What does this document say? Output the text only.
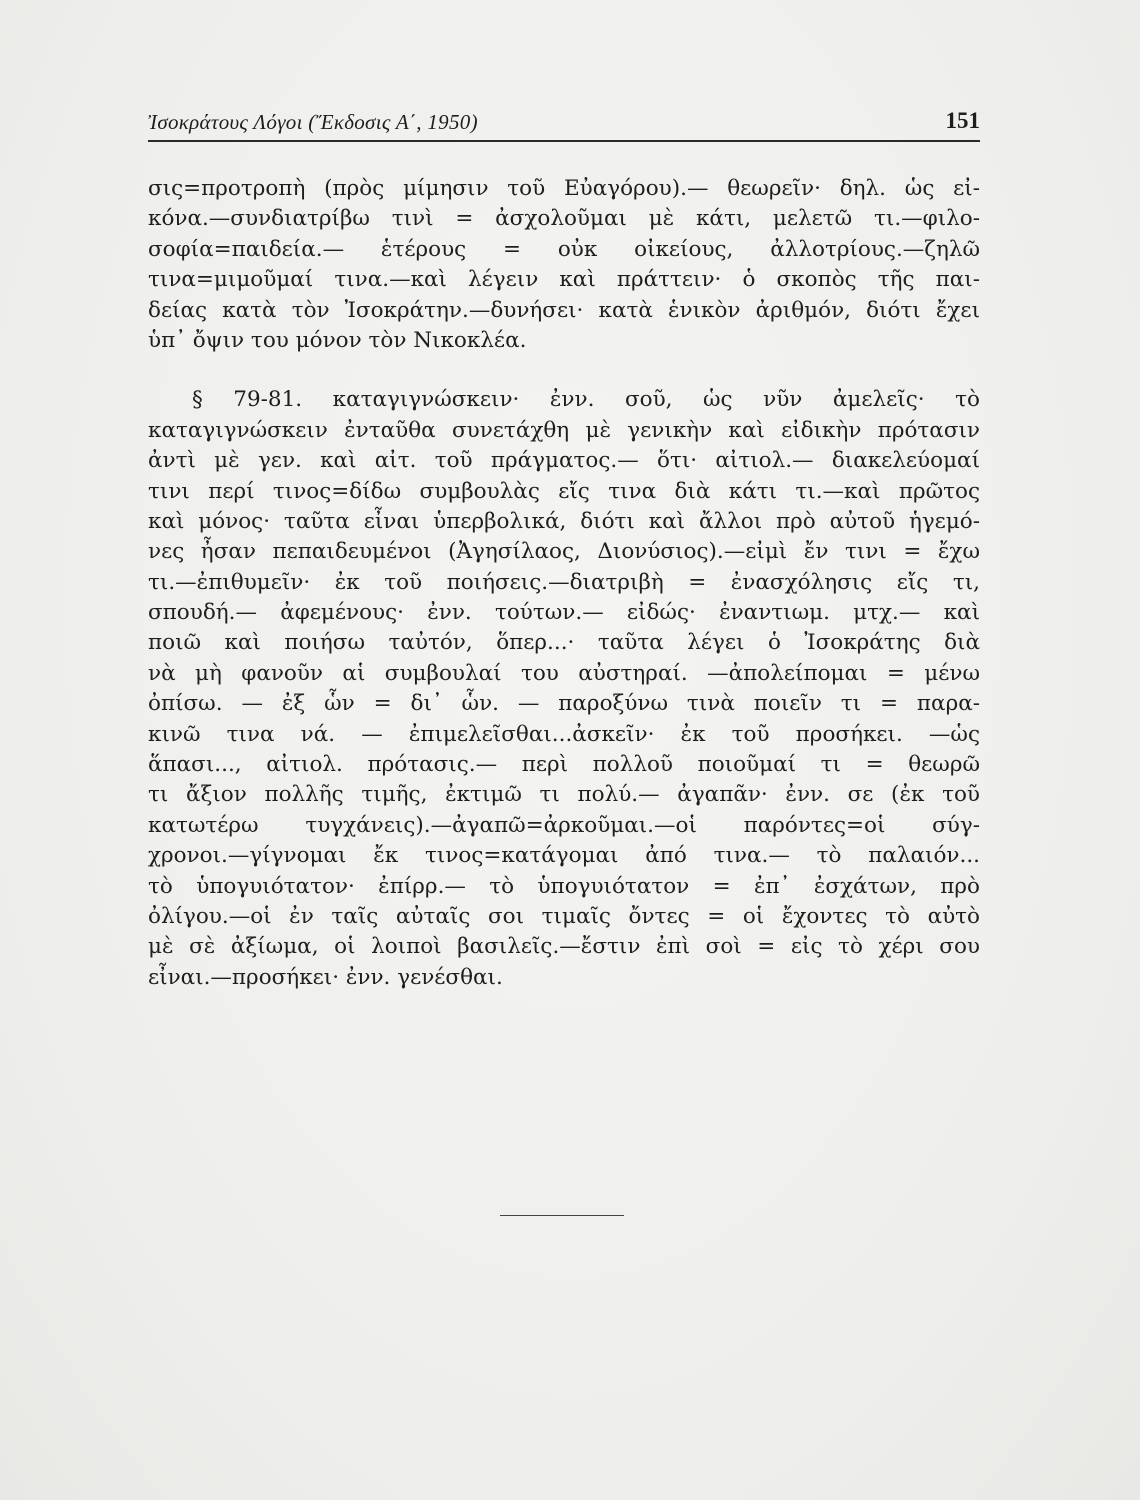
Ἰσοκράτους Λόγοι (Ἔκδοσις Α΄, 1950)	151
σις=προτροπὴ (πρὸς μίμησιν τοῦ Εὐαγόρου).— θεωρεῖν· δηλ. ὡς εἰ-
κόνα.—συνδιατρίβω τινὶ = ἀσχολοῦμαι μὲ κάτι, μελετῶ τι.—φιλο-
σοφία=παιδεία.— ἑτέρους = οὐκ οἰκείους, ἀλλοτρίους.—ζηλῶ
τινα=μιμοῦμαί τινα.—καὶ λέγειν καὶ πράττειν· ὁ σκοπὸς τῆς παι-
δείας κατὰ τὸν Ἰσοκράτην.—δυνήσει· κατὰ ἑνικὸν ἀριθμόν, διότι ἔχει
ὑπ᾿ ὄψιν του μόνον τὸν Νικοκλέα.
§ 79-81. καταγιγνώσκειν· ἐνν. σοῦ, ὡς νῦν ἀμελεῖς· τὸ
καταγιγνώσκειν ἐνταῦθα συνετάχθη μὲ γενικὴν καὶ εἰδικὴν πρότασιν
ἀντὶ μὲ γεν. καὶ αἰτ. τοῦ πράγματος.— ὅτι· αἰτιολ.— διακελεύομαί
τινι περί τινος=δίδω συμβουλὰς εἴς τινα διὰ κάτι τι.—καὶ πρῶτος
καὶ μόνος· ταῦτα εἶναι ὑπερβολικά, διότι καὶ ἄλλοι πρὸ αὐτοῦ ἡγεμό-
νες ἦσαν πεπαιδευμένοι (Ἀγησίλαος, Διονύσιος).—εἰμὶ ἔν τινι = ἔχω
τι.—ἐπιθυμεῖν· ἐκ τοῦ ποιήσεις.—διατριβὴ = ἐνασχόλησις εἴς τι,
σπουδή.— ἀφεμένους· ἐνν. τούτων.— εἰδώς· ἐναντιωμ. μτχ.— καὶ
ποιῶ καὶ ποιήσω ταὐτόν, ὅπερ...· ταῦτα λέγει ὁ Ἰσοκράτης διὰ
νὰ μὴ φανοῦν αἱ συμβουλαί του αὐστηραί. —ἀπολείπομαι = μένω
ὀπίσω. — ἐξ ὧν = δι᾿ ὧν. — παροξύνω τινὰ ποιεῖν τι = παρα-
κινῶ τινα νά. — ἐπιμελεῖσθαι...ἀσκεῖν· ἐκ τοῦ προσήκει. —ὡς
ἅπασι..., αἰτιολ. πρότασις.— περὶ πολλοῦ ποιοῦμαί τι = θεωρῶ
τι ἄξιον πολλῆς τιμῆς, ἐκτιμῶ τι πολύ.— ἀγαπᾶν· ἐνν. σε (ἐκ τοῦ
κατωτέρω τυγχάνεις).—ἀγαπῶ=ἀρκοῦμαι.—οἱ παρόντες=οἱ σύγ-
χρονοι.—γίγνομαι ἔκ τινος=κατάγομαι ἀπό τινα.— τὸ παλαιόν...
τὸ ὑπογυιότατον· ἐπίρρ.— τὸ ὑπογυιότατον = ἐπ᾿ ἐσχάτων, πρὸ
ὀλίγου.—οἱ ἐν ταῖς αὐταῖς σοι τιμαῖς ὄντες = οἱ ἔχοντες τὸ αὐτὸ
μὲ σὲ ἀξίωμα, οἱ λοιποὶ βασιλεῖς.—ἔστιν ἐπὶ σοὶ = εἰς τὸ χέρι σου
εἶναι.—προσήκει· ἐνν. γενέσθαι.
